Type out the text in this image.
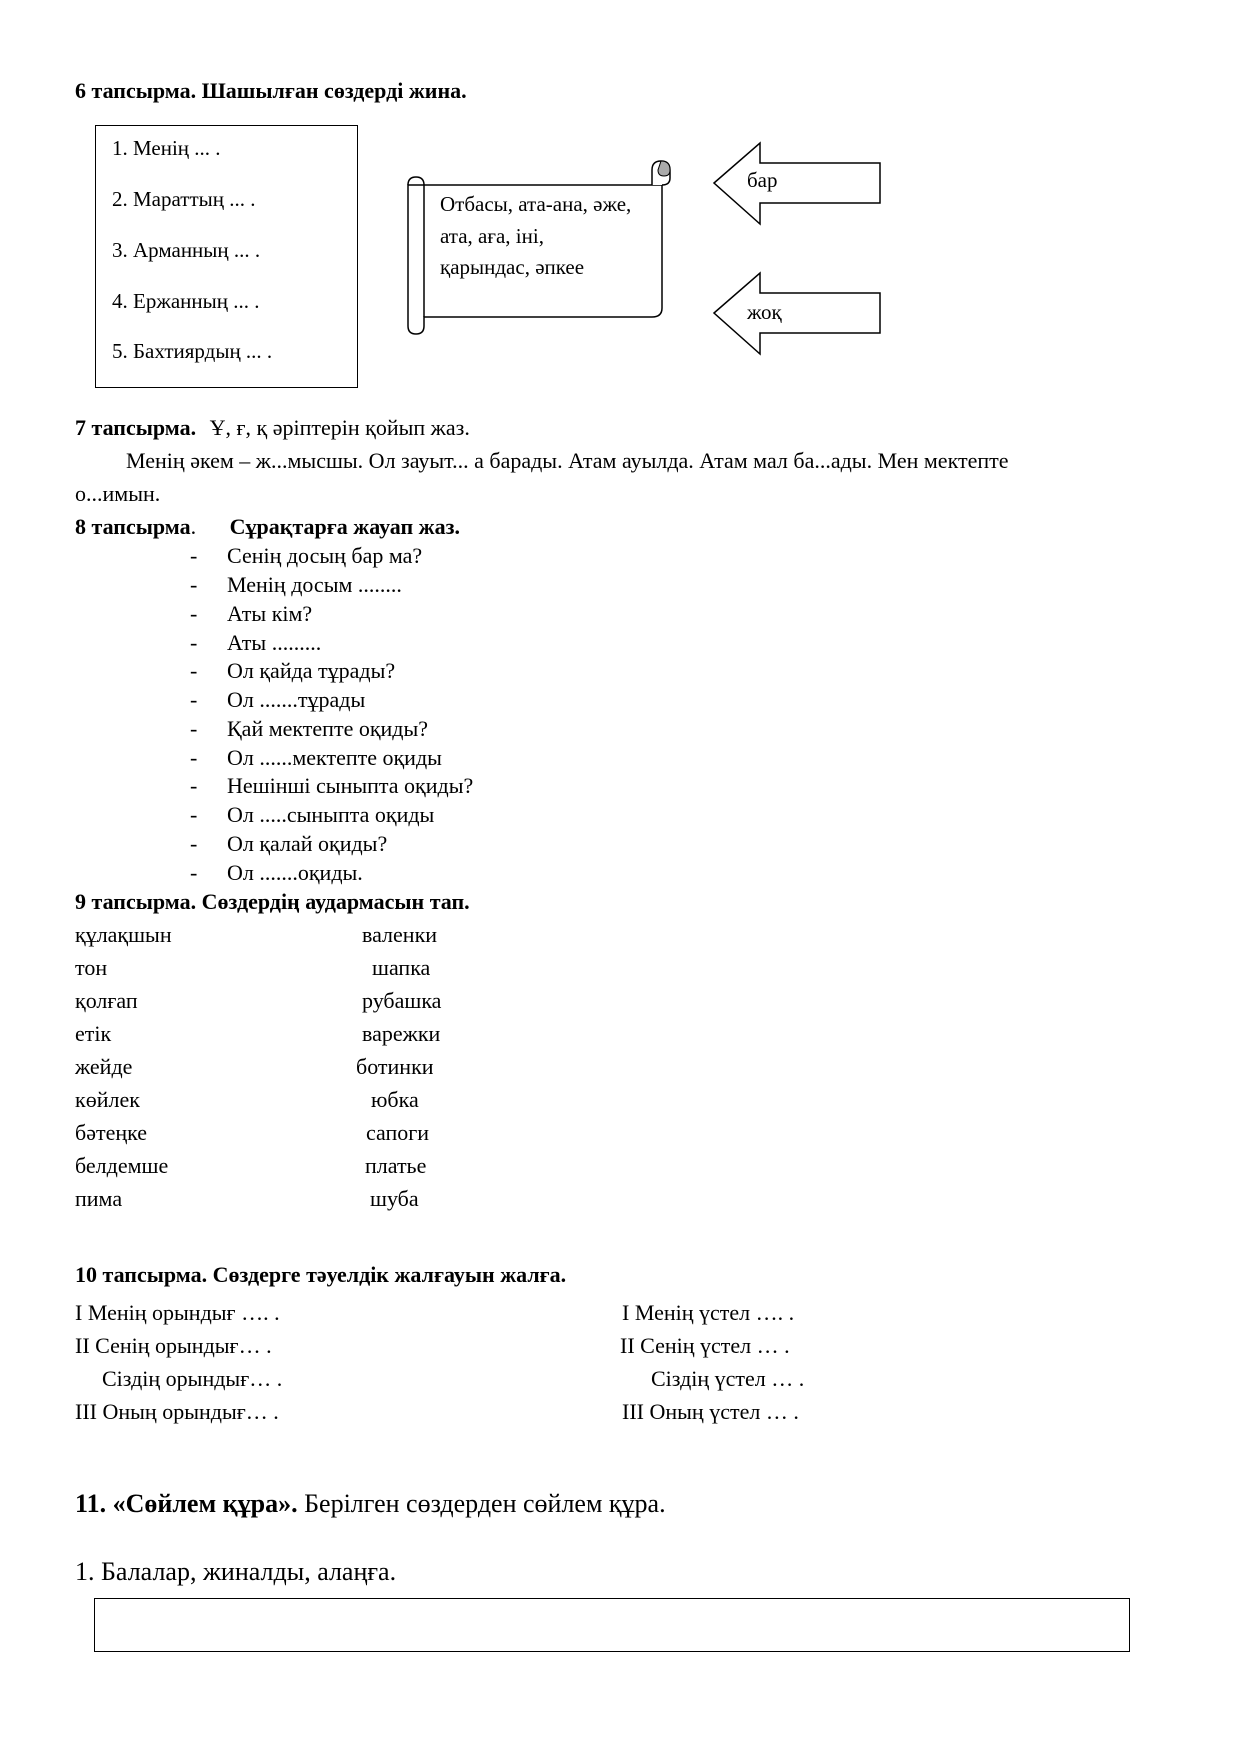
6 тапсырма. Шашылған сөздерді жина.
1. Менің ... .
2. Мараттың ... .
3. Арманның ... .
4. Ержанның ... .
5. Бахтиярдың ... .
Отбасы, ата-ана, әже,
ата, аға, іні,
қарындас, әпкее
бар
жоқ
7 тапсырма. Ұ, ғ, қ әріптерін қойып жаз.
Менің әкем – ж...мысшы. Ол зауыт... а барады. Атам ауылда. Атам мал ба...ады. Мен мектепте
о...имын.
8 тапсырма. Сұрақтарға жауап жаз.
- Сенің досың бар ма?
- Менің досым ........
- Аты кім?
- Аты .........
- Ол қайда тұрады?
- Ол .......тұрады
- Қай мектепте оқиды?
- Ол ......мектепте оқиды
- Нешінші сыныпта оқиды?
- Ол .....сыныпта оқиды
- Ол қалай оқиды?
- Ол .......оқиды.
9 тапсырма. Сөздердің аудармасын тап.
құлақшын	валенки
тон	шапка
қолғап	рубашка
етік	варежки
жейде	ботинки
көйлек	юбка
бәтеңке	сапоги
белдемше	платье
пима	шуба
10 тапсырма. Сөздерге тәуелдік жалғауын жалға.
I Менің орындығ …. .	I Менің үстел …. .
II Сенің орындығ… .	II Сенің үстел … .
Сіздің орындығ… .	Сіздің үстел … .
III Оның орындығ… .	III Оның үстел … .
11. «Сөйлем құра». Берілген сөздерден сөйлем құра.
1. Балалар, жиналды, алаңға.
